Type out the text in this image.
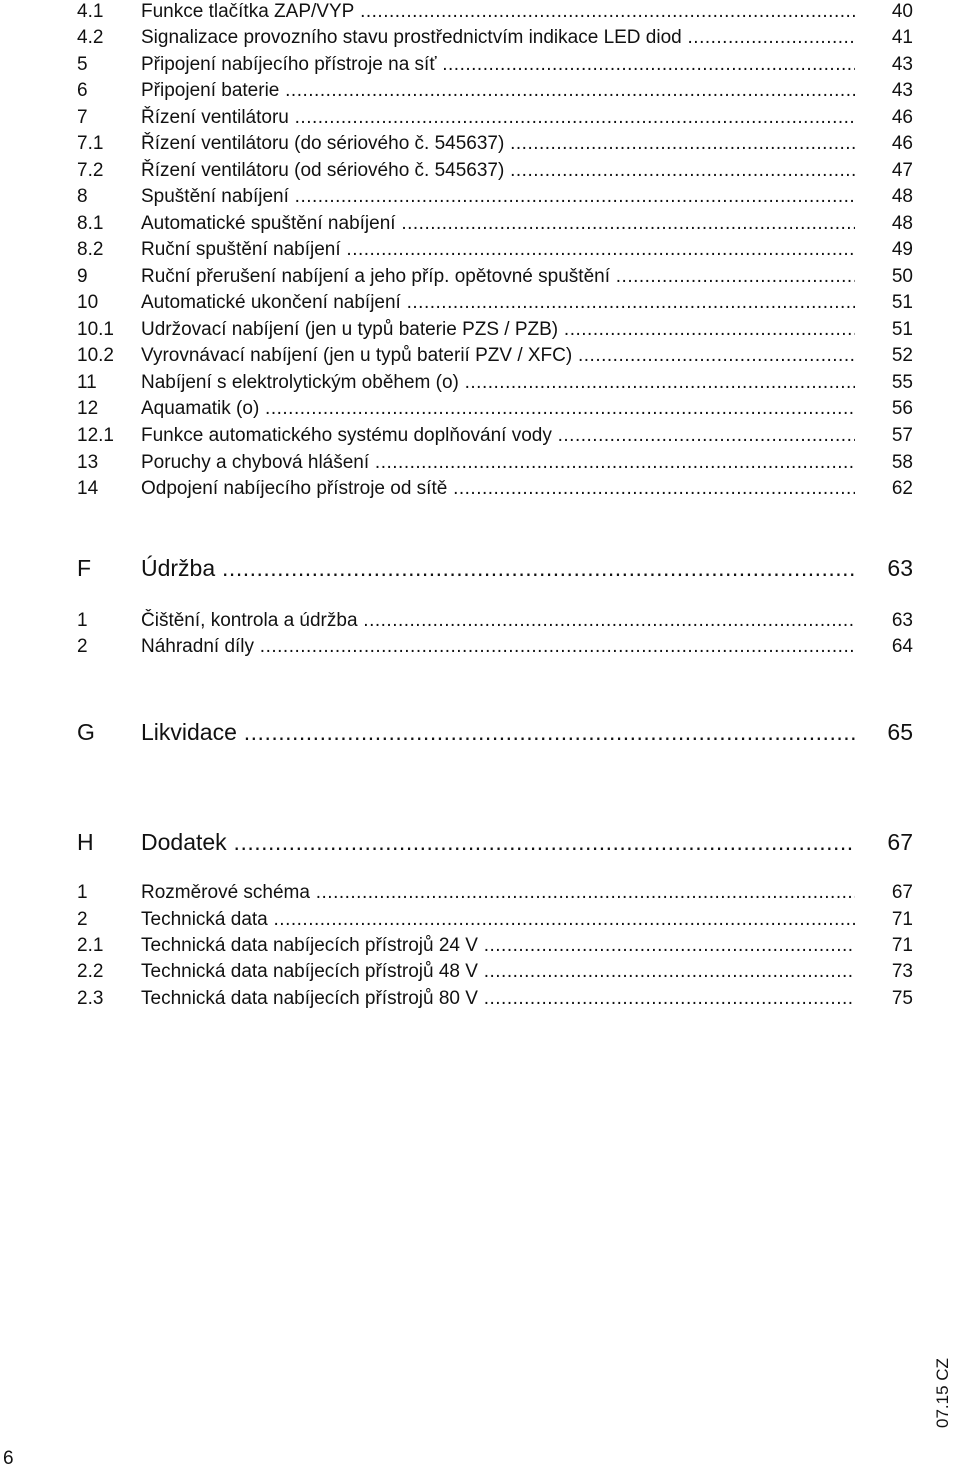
4.1	Funkce tlačítka ZAP/VYP .....	40
4.2	Signalizace provozního stavu prostřednictvím indikace LED diod .....	41
5	Připojení nabíjecího přístroje na síť .....	43
6	Připojení baterie .....	43
7	Řízení ventilátoru .....	46
7.1	Řízení ventilátoru (do sériového č. 545637) .....	46
7.2	Řízení ventilátoru (od sériového č. 545637) .....	47
8	Spuštění nabíjení .....	48
8.1	Automatické spuštění nabíjení .....	48
8.2	Ruční spuštění nabíjení .....	49
9	Ruční přerušení nabíjení a jeho příp. opětovné spuštění .....	50
10	Automatické ukončení nabíjení .....	51
10.1	Udržovací nabíjení (jen u typů baterie PZS / PZB) .....	51
10.2	Vyrovnávací nabíjení (jen u typů baterií PZV / XFC) .....	52
11	Nabíjení s elektrolytickým oběhem (o) .....	55
12	Aquamatik (o) .....	56
12.1	Funkce automatického systému doplňování vody .....	57
13	Poruchy a chybová hlášení .....	58
14	Odpojení nabíjecího přístroje od sítě .....	62
F	Údržba .....	63
1	Čištění, kontrola a údržba .....	63
2	Náhradní díly .....	64
G	Likvidace .....	65
H	Dodatek .....	67
1	Rozměrové schéma .....	67
2	Technická data .....	71
2.1	Technická data nabíjecích přístrojů 24 V .....	71
2.2	Technická data nabíjecích přístrojů 48 V .....	73
2.3	Technická data nabíjecích přístrojů 80 V .....	75
07.15 CZ
6
